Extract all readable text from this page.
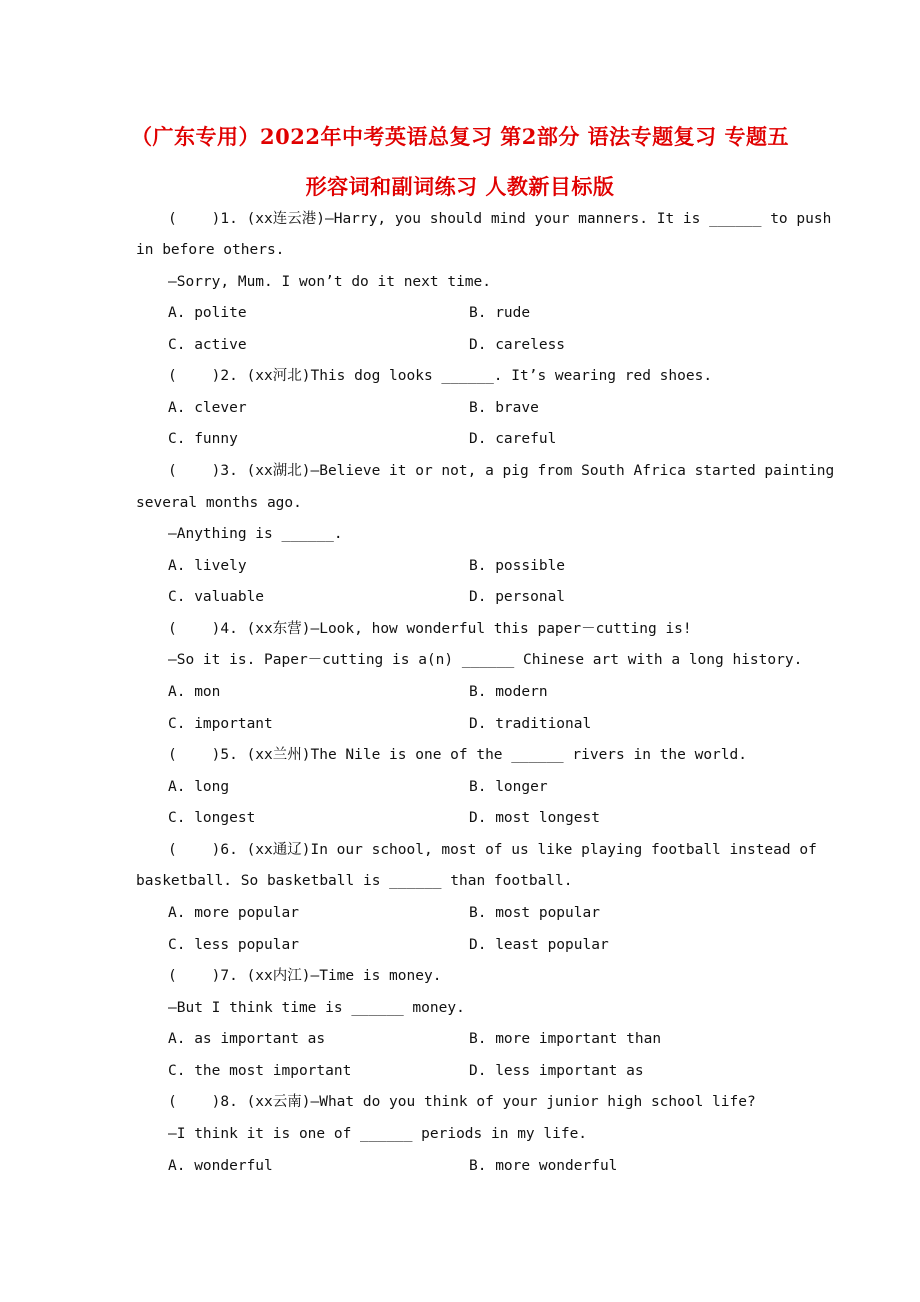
（广东专用）2022年中考英语总复习 第2部分 语法专题复习 专题五
形容词和副词练习 人教新目标版
(    )1. (xx连云港)—Harry, you should mind your manners. It is ______ to push
in before others.
—Sorry, Mum. I won’t do it next time.
A. polite	B. rude
C. active	D. careless
(    )2. (xx河北)This dog looks ______. It’s wearing red shoes.
A. clever	B. brave
C. funny	D. careful
(    )3. (xx湖北)—Believe it or not, a pig from South Africa started painting
several months ago.
—Anything is ______.
A. lively	B. possible
C. valuable	D. personal
(    )4. (xx东营)—Look, how wonderful this paper－cutting is!
—So it is. Paper－cutting is a(n) ______ Chinese art with a long history.
A. mon	B. modern
C. important	D. traditional
(    )5. (xx兰州)The Nile is one of the ______ rivers in the world.
A. long	B. longer
C. longest	D. most longest
(    )6. (xx通辽)In our school, most of us like playing football instead of
basketball. So basketball is ______ than football.
A. more popular	B. most popular
C. less popular	D. least popular
(    )7. (xx内江)—Time is money.
—But I think time is ______ money.
A. as important as	B. more important than
C. the most important	D. less important as
(    )8. (xx云南)—What do you think of your junior high school life?
—I think it is one of ______ periods in my life.
A. wonderful	B. more wonderful
